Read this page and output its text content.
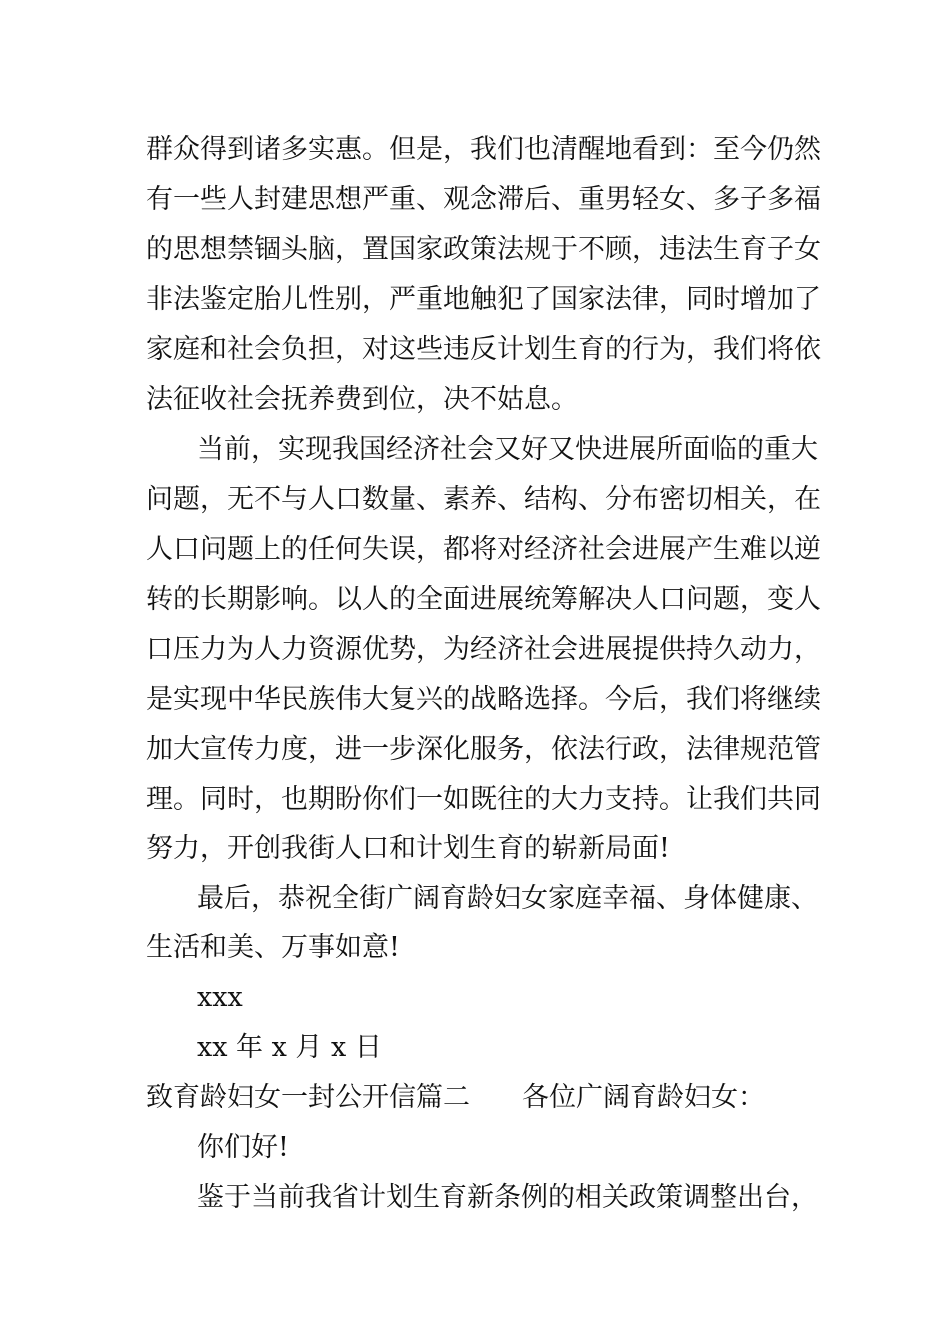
群众得到诸多实惠。但是，我们也清醒地看到：至今仍然
有一些人封建思想严重、观念滞后、重男轻女、多子多福
的思想禁锢头脑，置国家政策法规于不顾，违法生育子女
非法鉴定胎儿性别，严重地触犯了国家法律，同时增加了
家庭和社会负担，对这些违反计划生育的行为，我们将依
法征收社会抚养费到位，决不姑息。
当前，实现我国经济社会又好又快进展所面临的重大
问题，无不与人口数量、素养、结构、分布密切相关，在
人口问题上的任何失误，都将对经济社会进展产生难以逆
转的长期影响。以人的全面进展统筹解决人口问题，变人
口压力为人力资源优势，为经济社会进展提供持久动力，
是实现中华民族伟大复兴的战略选择。今后，我们将继续
加大宣传力度，进一步深化服务，依法行政，法律规范管
理。同时，也期盼你们一如既往的大力支持。让我们共同
努力，开创我街人口和计划生育的崭新局面!
最后，恭祝全街广阔育龄妇女家庭幸福、身体健康、
生活和美、万事如意!
xxx
xx 年 x 月 x 日
致育龄妇女一封公开信篇二 各位广阔育龄妇女：
你们好!
鉴于当前我省计划生育新条例的相关政策调整出台，
